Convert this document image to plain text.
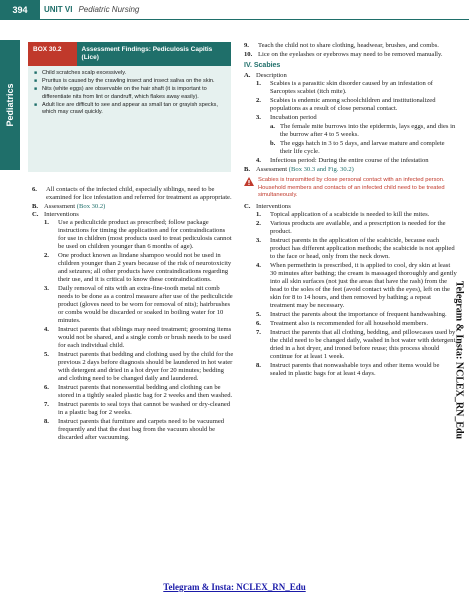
394	UNIT VI Pediatric Nursing
Pediatrics
BOX 30.2	Assessment Findings: Pediculosis Capitis (Lice)
■ Child scratches scalp excessively.
■ Pruritus is caused by the crawling insect and insect saliva on the skin.
■ Nits (white eggs) are observable on the hair shaft (it is important to differentiate nits from lint or dandruff, which flakes away easily).
■ Adult lice are difficult to see and appear as small tan or grayish specks, which may crawl quickly.

6. All contacts of the infected child, especially siblings, need to be examined for lice infestation and referred for treatment as appropriate.

B. Assessment (Box 30.2)

C. Interventions

1. Use a pediculicide product as prescribed; follow package instructions for timing the application and for contraindications for use in children (most products used to treat pediculosis cannot be used on children younger than 6 months of age).

2. One product known as lindane shampoo would not be used in children younger than 2 years because of the risk of neurotoxicity and seizures; all other products have contraindications regarding their use, and it is critical to know these contraindications.

3. Daily removal of nits with an extra-fine-tooth metal nit comb needs to be done as a control measure after use of the pediculicide product (gloves need to be worn for removal of nits); hairbrushes or combs would be discarded or soaked in boiling water for 10 minutes.

4. Instruct parents that siblings may need treatment; grooming items would not be shared, and a single comb or brush needs to be used for each individual child.

5. Instruct parents that bedding and clothing used by the child for the previous 2 days before diagnosis should be laundered in hot water with detergent and dried in a hot dryer for 20 minutes; bedding and clothing need to be changed daily and laundered.

6. Instruct parents that nonessential bedding and clothing can be stored in a tightly sealed plastic bag for 2 weeks and then washed.

7. Instruct parents to seal toys that cannot be washed or dry-cleaned in a plastic bag for 2 weeks.

8. Instruct parents that furniture and carpets need to be vacuumed frequently and that the dust bag from the vacuum should be discarded after vacuuming.

9. Teach the child not to share clothing, headwear, brushes, and combs.

10. Lice on the eyelashes or eyebrows may need to be removed manually.

IV. Scabies

A. Description

1. Scabies is a parasitic skin disorder caused by an infestation of Sarcoptes scabiei (itch mite).

2. Scabies is endemic among schoolchildren and institutionalized populations as a result of close personal contact.

3. Incubation period

a. The female mite burrows into the epidermis, lays eggs, and dies in the burrow after 4 to 5 weeks.

b. The eggs hatch in 3 to 5 days, and larvae mature and complete their life cycle.

4. Infectious period: During the entire course of the infestation

B. Assessment (Box 30.3 and Fig. 30.2)

Scabies is transmitted by close personal contact with an infected person. Household members and contacts of an infected child need to be treated simultaneously.

C. Interventions

1. Topical application of a scabicide is needed to kill the mites.

2. Various products are available, and a prescription is needed for the product.

3. Instruct parents in the application of the scabicide, because each product has different application methods; the scabicide is not applied to the face or head, only from the neck down.

4. When permethrin is prescribed, it is applied to cool, dry skin at least 30 minutes after bathing; the cream is massaged thoroughly and gently into all skin surfaces (not just the areas that have the rash) from the head to the soles of the feet (avoid contact with the eyes), left on the skin for 8 to 14 hours, and then removed by bathing; a repeat treatment may be necessary.

5. Instruct the parents about the importance of frequent handwashing.

6. Treatment also is recommended for all household members.

7. Instruct the parents that all clothing, bedding, and pillowcases used by the child need to be changed daily, washed in hot water with detergent, dried in a hot dryer, and ironed before reuse; this process should continue for at least 1 week.

8. Instruct parents that nonwashable toys and other items would be sealed in plastic bags for at least 4 days.	Telegram & Insta: NCLEX_RN_Edu
Telegram & Insta: NCLEX_RN_Edu
